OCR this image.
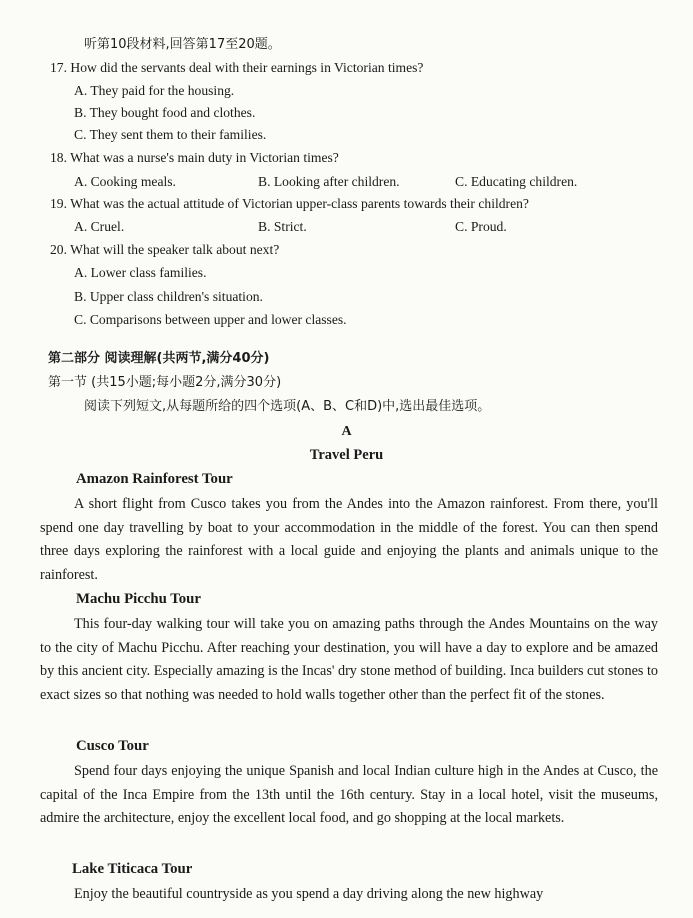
听第10段材料,回答第17至20题。
17. How did the servants deal with their earnings in Victorian times?
A. They paid for the housing.
B. They bought food and clothes.
C. They sent them to their families.
18. What was a nurse's main duty in Victorian times?
A. Cooking meals.	B. Looking after children.	C. Educating children.
19. What was the actual attitude of Victorian upper-class parents towards their children?
A. Cruel.	B. Strict.	C. Proud.
20. What will the speaker talk about next?
A. Lower class families.
B. Upper class children's situation.
C. Comparisons between upper and lower classes.
第二部分 阅读理解(共两节,满分40分)
第一节 (共15小题;每小题2分,满分30分)
阅读下列短文,从每题所给的四个选项(A、B、C和D)中,选出最佳选项。
A
Travel Peru
Amazon Rainforest Tour
A short flight from Cusco takes you from the Andes into the Amazon rainforest. From there, you'll spend one day travelling by boat to your accommodation in the middle of the forest. You can then spend three days exploring the rainforest with a local guide and enjoying the plants and animals unique to the rainforest.
Machu Picchu Tour
This four-day walking tour will take you on amazing paths through the Andes Mountains on the way to the city of Machu Picchu. After reaching your destination, you will have a day to explore and be amazed by this ancient city. Especially amazing is the Incas' dry stone method of building. Inca builders cut stones to exact sizes so that nothing was needed to hold walls together other than the perfect fit of the stones.
Cusco Tour
Spend four days enjoying the unique Spanish and local Indian culture high in the Andes at Cusco, the capital of the Inca Empire from the 13th until the 16th century. Stay in a local hotel, visit the museums, admire the architecture, enjoy the excellent local food, and go shopping at the local markets.
Lake Titicaca Tour
Enjoy the beautiful countryside as you spend a day driving along the new highway
